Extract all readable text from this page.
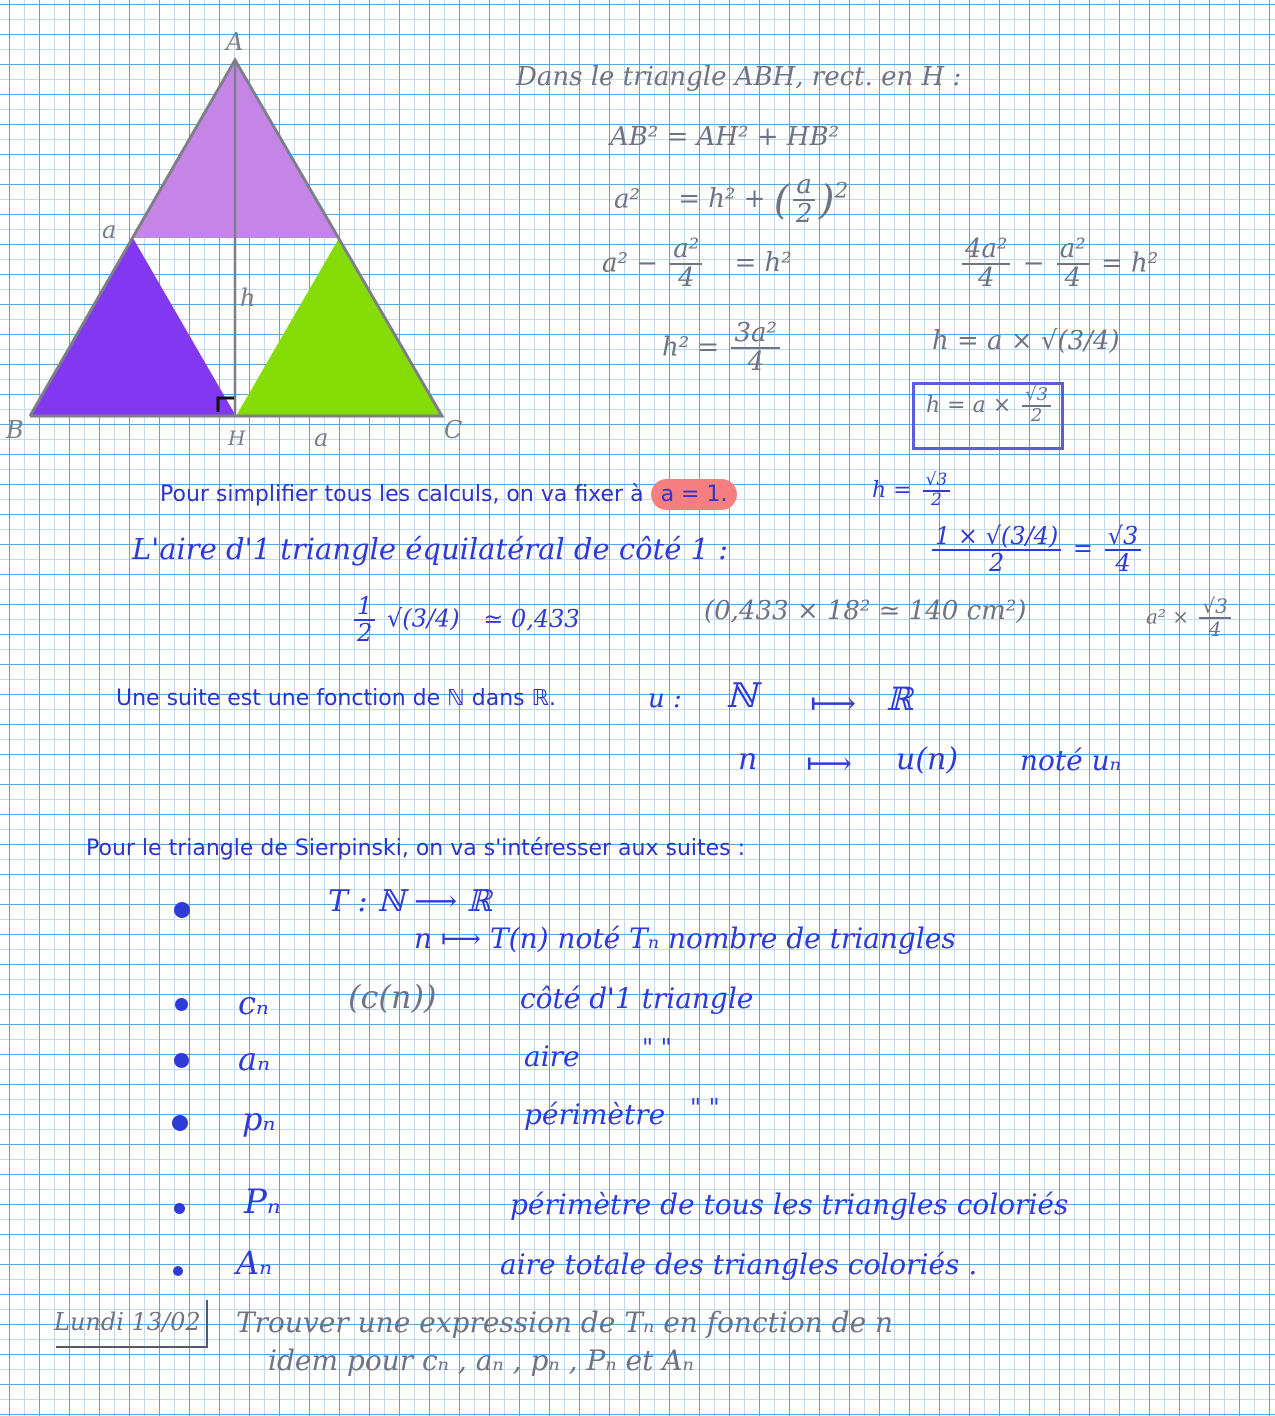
A
B	C
H
a
a
h
Dans le triangle ABH, rect. en H :
AB² = AH² + HB²
a² = h² + ( $\frac{a}{2} )^2$
$a^2 - \frac{\text{a²}}{4} = h^2$	$\frac{\text{4a²}}{4} - \frac{\text{a²}}{4} = h^2$
$h^2 = \frac{\text{3a²}}{4}$	h = a × √(3/4)
$h = a \times \frac{√3}{2}$
Pour simplifier tous les calculs, on va fixer à a = 1.	$h = \frac{√3}{2}$
L'aire d'1 triangle équilatéral de côté 1 :	$\frac{1 \times √(3/4)}{2} = \frac{√3}{4}$
$\frac{1}{2} √(3/4)$ ≃ 0,433	(0,433 × 18² ≃ 140 cm²)	$a^2 \times \frac{√3}{4}$
Une suite est une fonction de ℕ dans ℝ.	u : ℕ ⟼ ℝ
n ⟼ u(n) noté uₙ
Pour le triangle de Sierpinski, on va s'intéresser aux suites :
T : ℕ ⟶ ℝ
n ⟼ T(n) noté Tₙ nombre de triangles
cₙ (c(n))	côté d'1 triangle
aₙ	aire	" "
pₙ	périmètre " "
Pₙ	périmètre de tous les triangles coloriés
Aₙ	aire totale des triangles coloriés .
Lundi 13/02 Trouver une expression de Tₙ en fonction de n
idem pour cₙ , aₙ , pₙ , Pₙ et Aₙ
